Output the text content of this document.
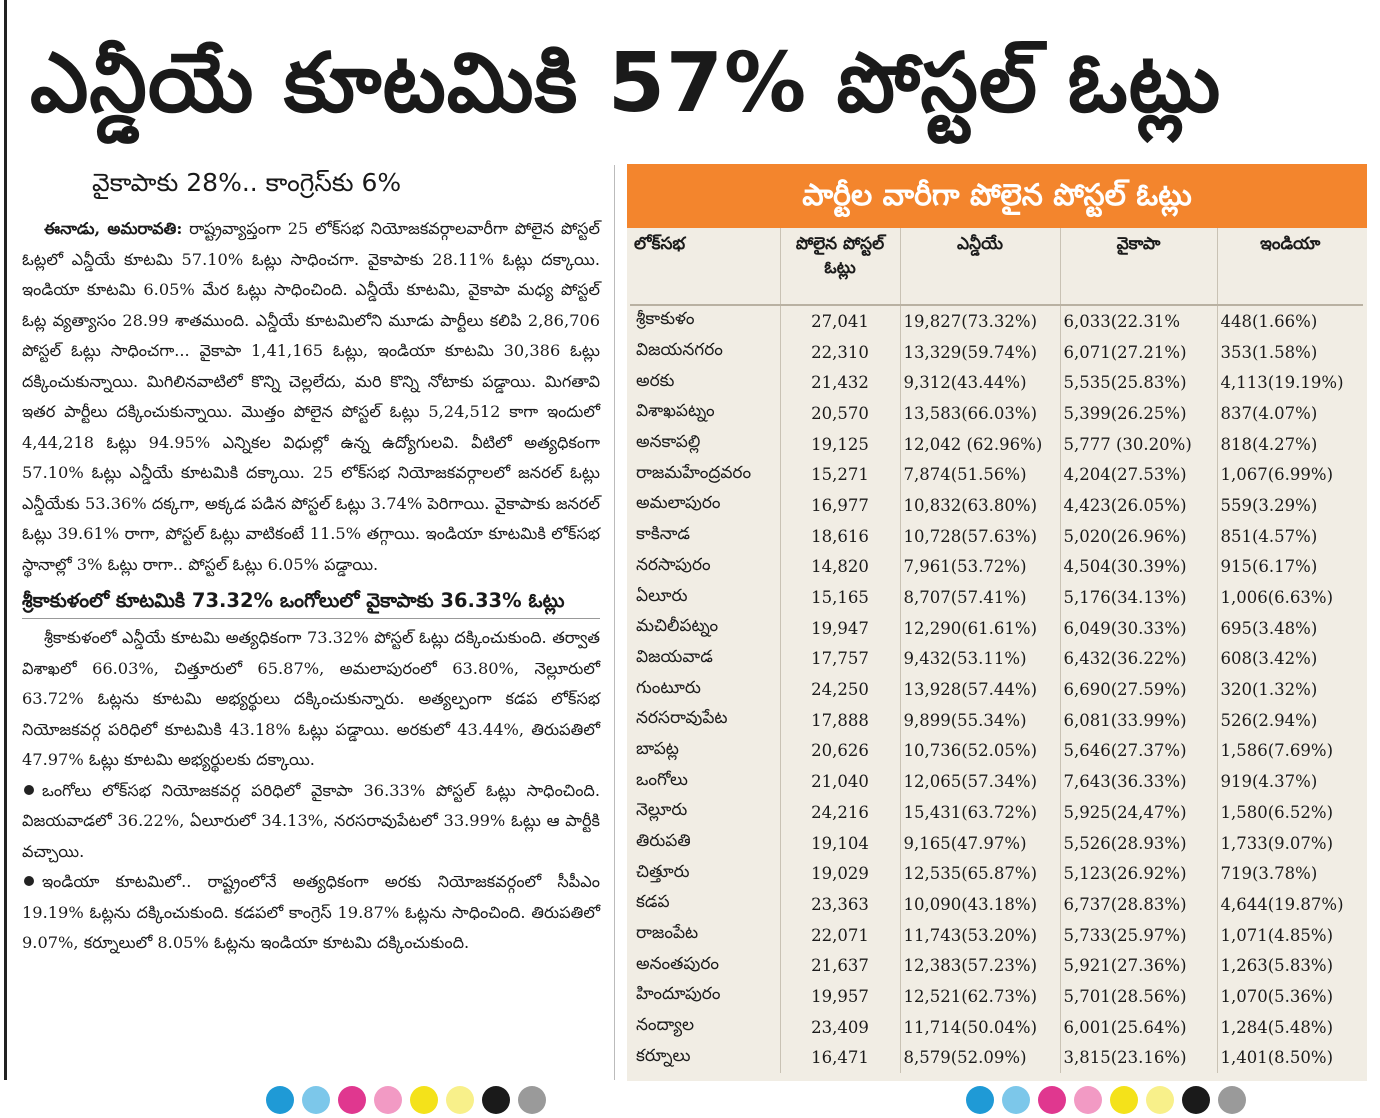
ఎన్డీయే కూటమికి 57% పోస్టల్ ఓట్లు
వైకాపాకు 28%.. కాంగ్రెస్‌కు 6%

ఈనాడు, అమరావతి: రాష్ట్రవ్యాప్తంగా 25 లోక్‌సభ నియోజకవర్గాలవారీగా పోలైన పోస్టల్ ఓట్లలో ఎన్డీయే కూటమి 57.10% ఓట్లు సాధించగా. వైకాపాకు 28.11% ఓట్లు దక్కాయి. ఇండియా కూటమి 6.05% మేర ఓట్లు సాధించింది. ఎన్డీయే కూటమి, వైకాపా మధ్య పోస్టల్ ఓట్ల వ్యత్యాసం 28.99 శాతముంది. ఎన్డీయే కూటమిలోని మూడు పార్టీలు కలిపి 2,86,706 పోస్టల్ ఓట్లు సాధించగా... వైకాపా 1,41,165 ఓట్లు, ఇండియా కూటమి 30,386 ఓట్లు దక్కించుకున్నాయి. మిగిలినవాటిలో కొన్ని చెల్లలేదు, మరి కొన్ని నోటాకు పడ్డాయి. మిగతావి ఇతర పార్టీలు దక్కించుకున్నాయి. మొత్తం పోలైన పోస్టల్ ఓట్లు 5,24,512 కాగా ఇందులో 4,44,218 ఓట్లు 94.95% ఎన్నికల విధుల్లో ఉన్న ఉద్యోగులవి. వీటిలో అత్యధికంగా 57.10% ఓట్లు ఎన్డీయే కూటమికి దక్కాయి. 25 లోక్‌సభ నియోజకవర్గాలలో జనరల్ ఓట్లు ఎన్డీయేకు 53.36% దక్కగా, అక్కడ పడిన పోస్టల్ ఓట్లు 3.74% పెరిగాయి. వైకాపాకు జనరల్ ఓట్లు 39.61% రాగా, పోస్టల్ ఓట్లు వాటికంటే 11.5% తగ్గాయి. ఇండియా కూటమికి లోక్‌సభ స్థానాల్లో 3% ఓట్లు రాగా.. పోస్టల్ ఓట్లు 6.05% పడ్డాయి.

శ్రీకాకుళంలో కూటమికి 73.32% ఒంగోలులో వైకాపాకు 36.33% ఓట్లు

శ్రీకాకుళంలో ఎన్డీయే కూటమి అత్యధికంగా 73.32% పోస్టల్ ఓట్లు దక్కించుకుంది. తర్వాత విశాఖలో 66.03%, చిత్తూరులో 65.87%, అమలాపురంలో 63.80%, నెల్లూరులో 63.72% ఓట్లను కూటమి అభ్యర్థులు దక్కించుకున్నారు. అత్యల్పంగా కడప లోక్‌సభ నియోజకవర్గ పరిధిలో కూటమికి 43.18% ఓట్లు పడ్డాయి. అరకులో 43.44%, తిరుపతిలో 47.97% ఓట్లు కూటమి అభ్యర్థులకు దక్కాయి.

ఒంగోలు లోక్‌సభ నియోజకవర్గ పరిధిలో వైకాపా 36.33% పోస్టల్ ఓట్లు సాధించింది. విజయవాడలో 36.22%, ఏలూరులో 34.13%, నరసరావుపేటలో 33.99% ఓట్లు ఆ పార్టీకి వచ్చాయి.

ఇండియా కూటమిలో.. రాష్ట్రంలోనే అత్యధికంగా అరకు నియోజకవర్గంలో సీపీఎం 19.19% ఓట్లను దక్కించుకుంది. కడపలో కాంగ్రెస్ 19.87% ఓట్లను సాధించింది. తిరుపతిలో 9.07%, కర్నూలులో 8.05% ఓట్లను ఇండియా కూటమి దక్కించుకుంది.

పార్టీల వారీగా పోలైన పోస్టల్ ఓట్లు
లోక్‌సభ	పోలైన పోస్టల్ ఓట్లు	ఎన్డీయే	వైకాపా	ఇండియా
శ్రీకాకుళం	27,041	19,827(73.32%)	6,033(22.31%	448(1.66%)
విజయనగరం	22,310	13,329(59.74%)	6,071(27.21%)	353(1.58%)
అరకు	21,432	9,312(43.44%)	5,535(25.83%)	4,113(19.19%)
విశాఖపట్నం	20,570	13,583(66.03%)	5,399(26.25%)	837(4.07%)
అనకాపల్లి	19,125	12,042 (62.96%)	5,777 (30.20%)	818(4.27%)
రాజమహేంద్రవరం	15,271	7,874(51.56%)	4,204(27.53%)	1,067(6.99%)
అమలాపురం	16,977	10,832(63.80%)	4,423(26.05%)	559(3.29%)
కాకినాడ	18,616	10,728(57.63%)	5,020(26.96%)	851(4.57%)
నరసాపురం	14,820	7,961(53.72%)	4,504(30.39%)	915(6.17%)
ఏలూరు	15,165	8,707(57.41%)	5,176(34.13%)	1,006(6.63%)
మచిలీపట్నం	19,947	12,290(61.61%)	6,049(30.33%)	695(3.48%)
విజయవాడ	17,757	9,432(53.11%)	6,432(36.22%)	608(3.42%)
గుంటూరు	24,250	13,928(57.44%)	6,690(27.59%)	320(1.32%)
నరసరావుపేట	17,888	9,899(55.34%)	6,081(33.99%)	526(2.94%)
బాపట్ల	20,626	10,736(52.05%)	5,646(27.37%)	1,586(7.69%)
ఒంగోలు	21,040	12,065(57.34%)	7,643(36.33%)	919(4.37%)
నెల్లూరు	24,216	15,431(63.72%)	5,925(24,47%)	1,580(6.52%)
తిరుపతి	19,104	9,165(47.97%)	5,526(28.93%)	1,733(9.07%)
చిత్తూరు	19,029	12,535(65.87%)	5,123(26.92%)	719(3.78%)
కడప	23,363	10,090(43.18%)	6,737(28.83%)	4,644(19.87%)
రాజంపేట	22,071	11,743(53.20%)	5,733(25.97%)	1,071(4.85%)
అనంతపురం	21,637	12,383(57.23%)	5,921(27.36%)	1,263(5.83%)
హిందూపురం	19,957	12,521(62.73%)	5,701(28.56%)	1,070(5.36%)
నంద్యాల	23,409	11,714(50.04%)	6,001(25.64%)	1,284(5.48%)
కర్నూలు	16,471	8,579(52.09%)	3,815(23.16%)	1,401(8.50%)
